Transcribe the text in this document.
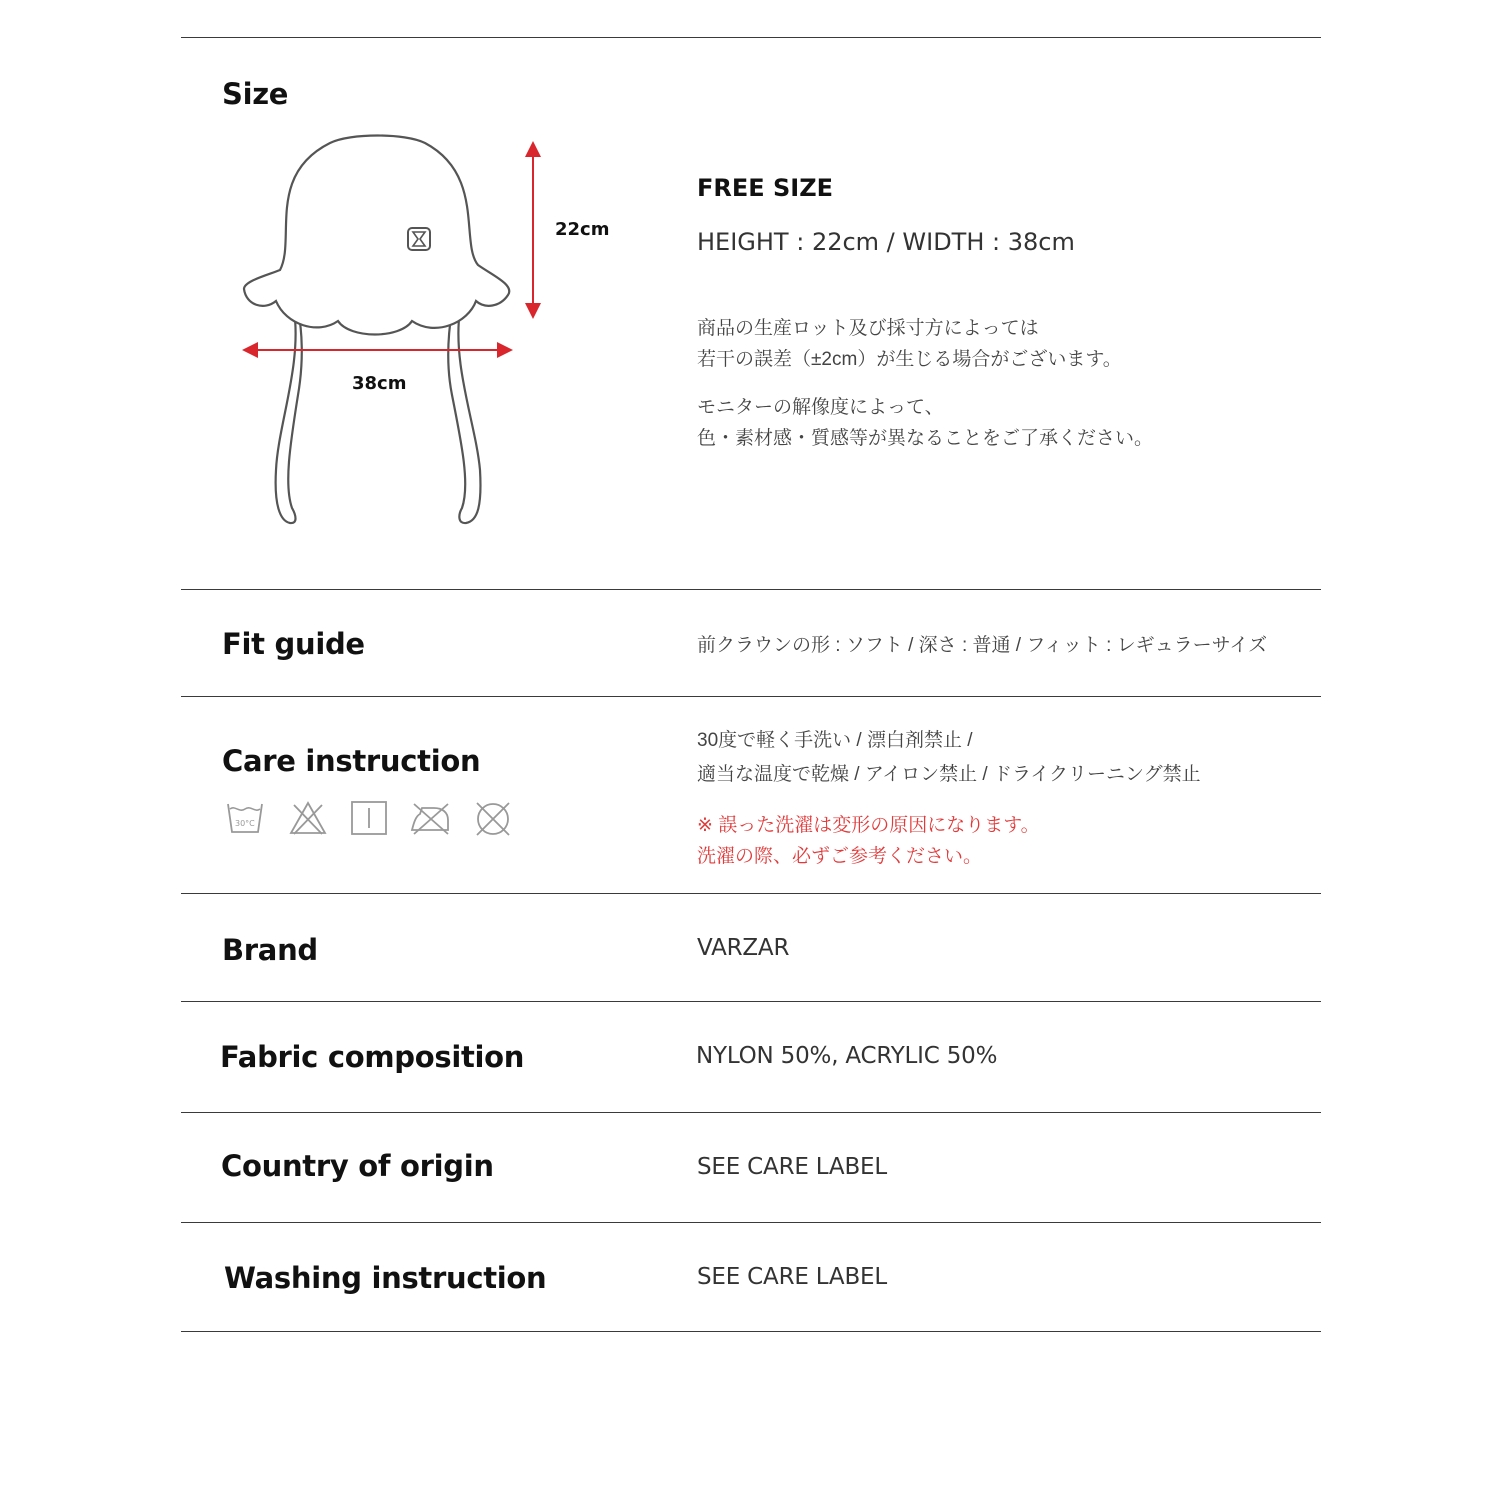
Size
22cm
38cm
FREE SIZE
HEIGHT : 22cm / WIDTH : 38cm

商品の生産ロット及び採寸方によっては

若干の誤差（±2cm）が生じる場合がございます。

モニターの解像度によって、

色・素材感・質感等が異なることをご了承ください。

Fit guide	前クラウンの形 : ソフト / 深さ : 普通 / フィット : レギュラーサイズ
Care instruction

30度で軽く手洗い / 漂白剤禁止 /

適当な温度で乾燥 / アイロン禁止 / ドライクリーニング禁止

※ 誤った洗濯は変形の原因になります。

洗濯の際、必ずご参考ください。

30°C
Brand	VARZAR
Fabric composition	NYLON 50%, ACRYLIC 50%
Country of origin	SEE CARE LABEL
Washing instruction	SEE CARE LABEL
